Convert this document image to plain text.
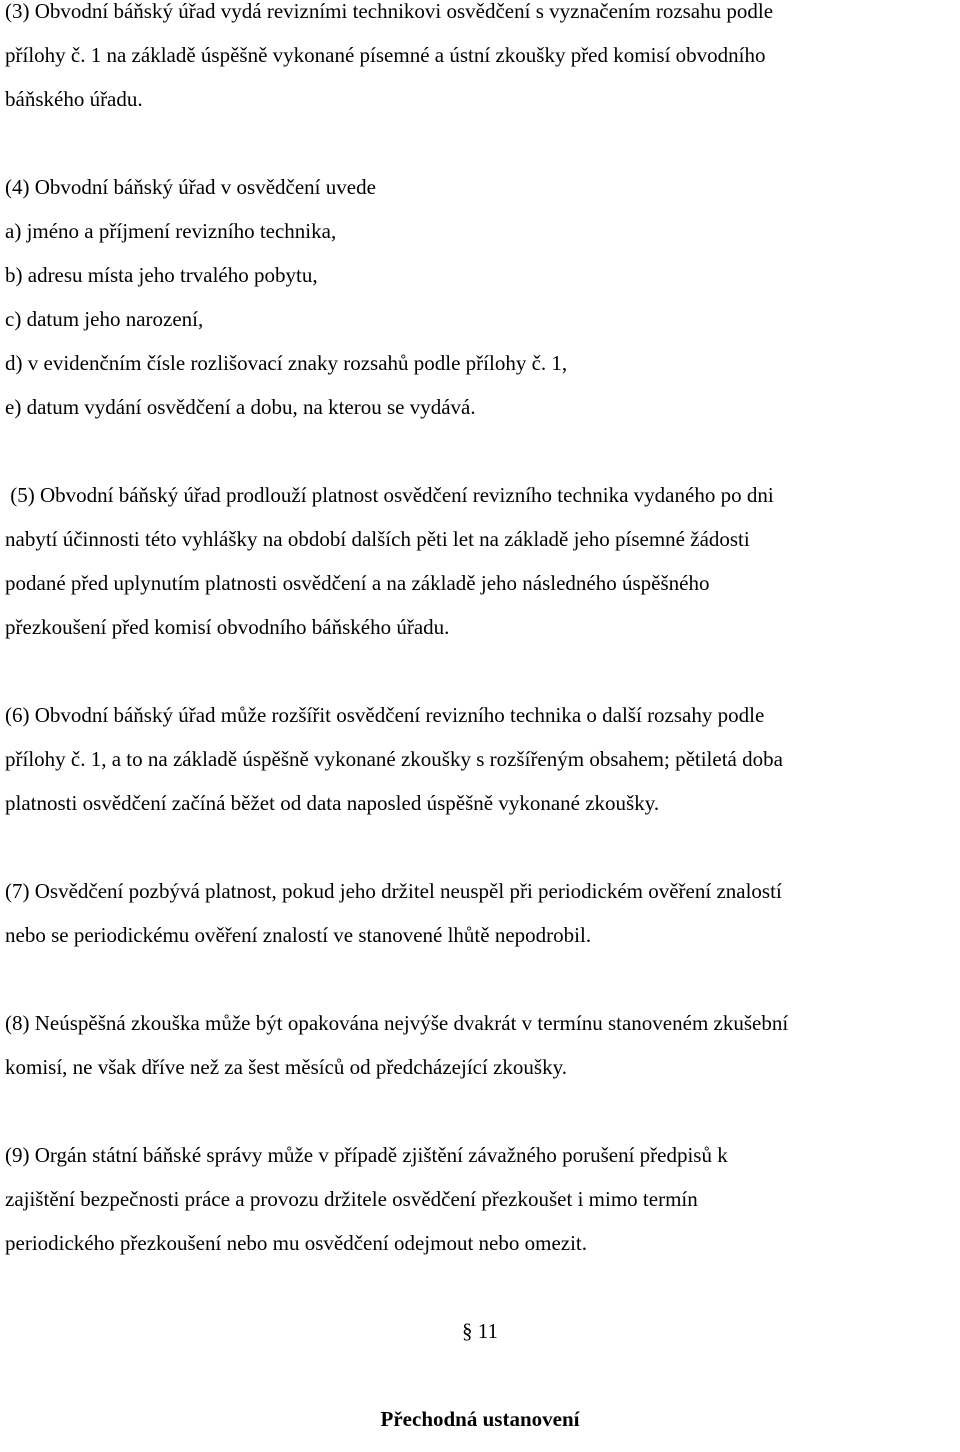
(3) Obvodní báňský úřad vydá revizními technikovi osvědčení s vyznačením rozsahu podle
přílohy č. 1 na základě úspěšně vykonané písemné a ústní zkoušky před komisí obvodního
báňského úřadu.
(4) Obvodní báňský úřad v osvědčení uvede
a) jméno a příjmení revizního technika,
b) adresu místa jeho trvalého pobytu,
c) datum jeho narození,
d) v evidenčním čísle rozlišovací znaky rozsahů podle přílohy č. 1,
e) datum vydání osvědčení a dobu, na kterou se vydává.
(5) Obvodní báňský úřad prodlouží platnost osvědčení revizního technika vydaného po dni
nabytí účinnosti této vyhlášky na období dalších pěti let na základě jeho písemné žádosti
podané před uplynutím platnosti osvědčení a na základě jeho následného úspěšného
přezkoušení před komisí obvodního báňského úřadu.
(6) Obvodní báňský úřad může rozšířit osvědčení revizního technika o další rozsahy podle
přílohy č. 1, a to na základě úspěšně vykonané zkoušky s rozšířeným obsahem; pětiletá doba
platnosti osvědčení začíná běžet od data naposled úspěšně vykonané zkoušky.
(7) Osvědčení pozbývá platnost, pokud jeho držitel neuspěl při periodickém ověření znalostí
nebo se periodickému ověření znalostí ve stanovené lhůtě nepodrobil.
(8) Neúspěšná zkouška může být opakována nejvýše dvakrát v termínu stanoveném zkušební
komisí, ne však dříve než za šest měsíců od předcházející zkoušky.
(9) Orgán státní báňské správy může v případě zjištění závažného porušení předpisů k
zajištění bezpečnosti práce a provozu držitele osvědčení přezkoušet i mimo termín
periodického přezkoušení nebo mu osvědčení odejmout nebo omezit.
§ 11
Přechodná ustanovení
